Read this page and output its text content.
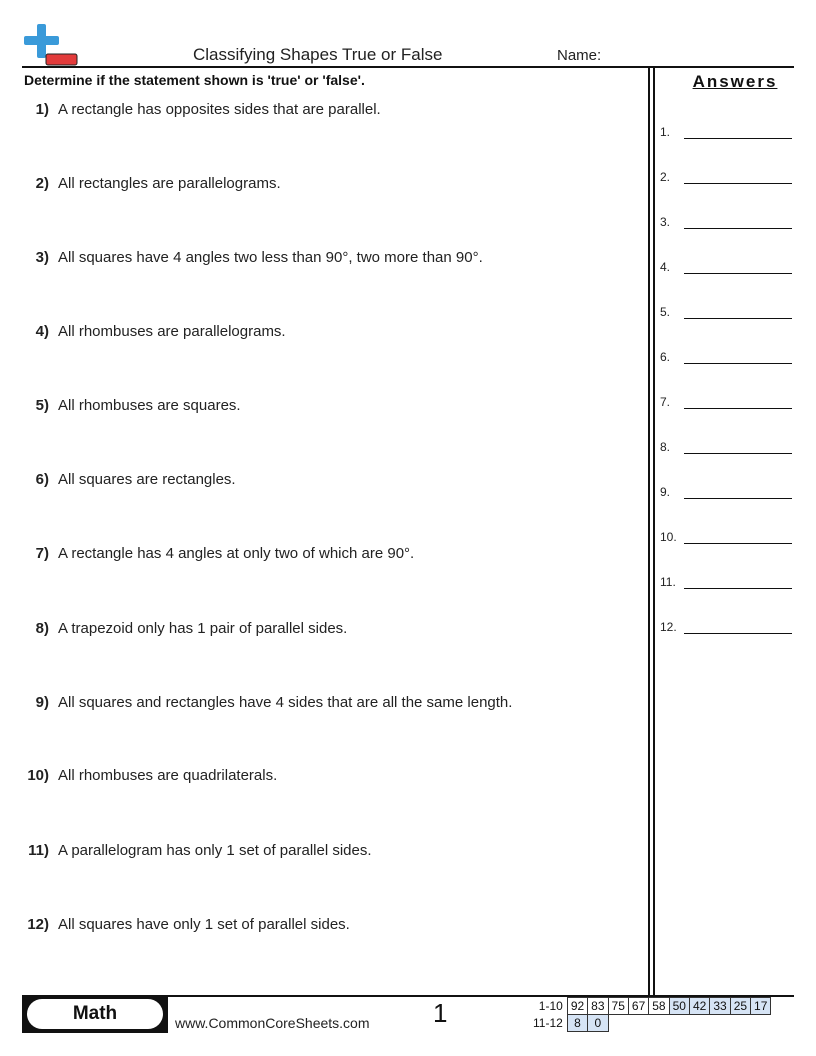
Classifying Shapes True or False	Name:
Determine if the statement shown is 'true' or 'false'.
1) A rectangle has opposites sides that are parallel.
2) All rectangles are parallelograms.
3) All squares have 4 angles two less than 90°, two more than 90°.
4) All rhombuses are parallelograms.
5) All rhombuses are squares.
6) All squares are rectangles.
7) A rectangle has 4 angles at only two of which are 90°.
8) A trapezoid only has 1 pair of parallel sides.
9) All squares and rectangles have 4 sides that are all the same length.
10) All rhombuses are quadrilaterals.
11) A parallelogram has only 1 set of parallel sides.
12) All squares have only 1 set of parallel sides.
Answers
1.
2.
3.
4.
5.
6.
7.
8.
9.
10.
11.
12.
Math	www.CommonCoreSheets.com 1	1-10	92	83	75	67	58	50	42	33	25	17
11-12	8	0								
